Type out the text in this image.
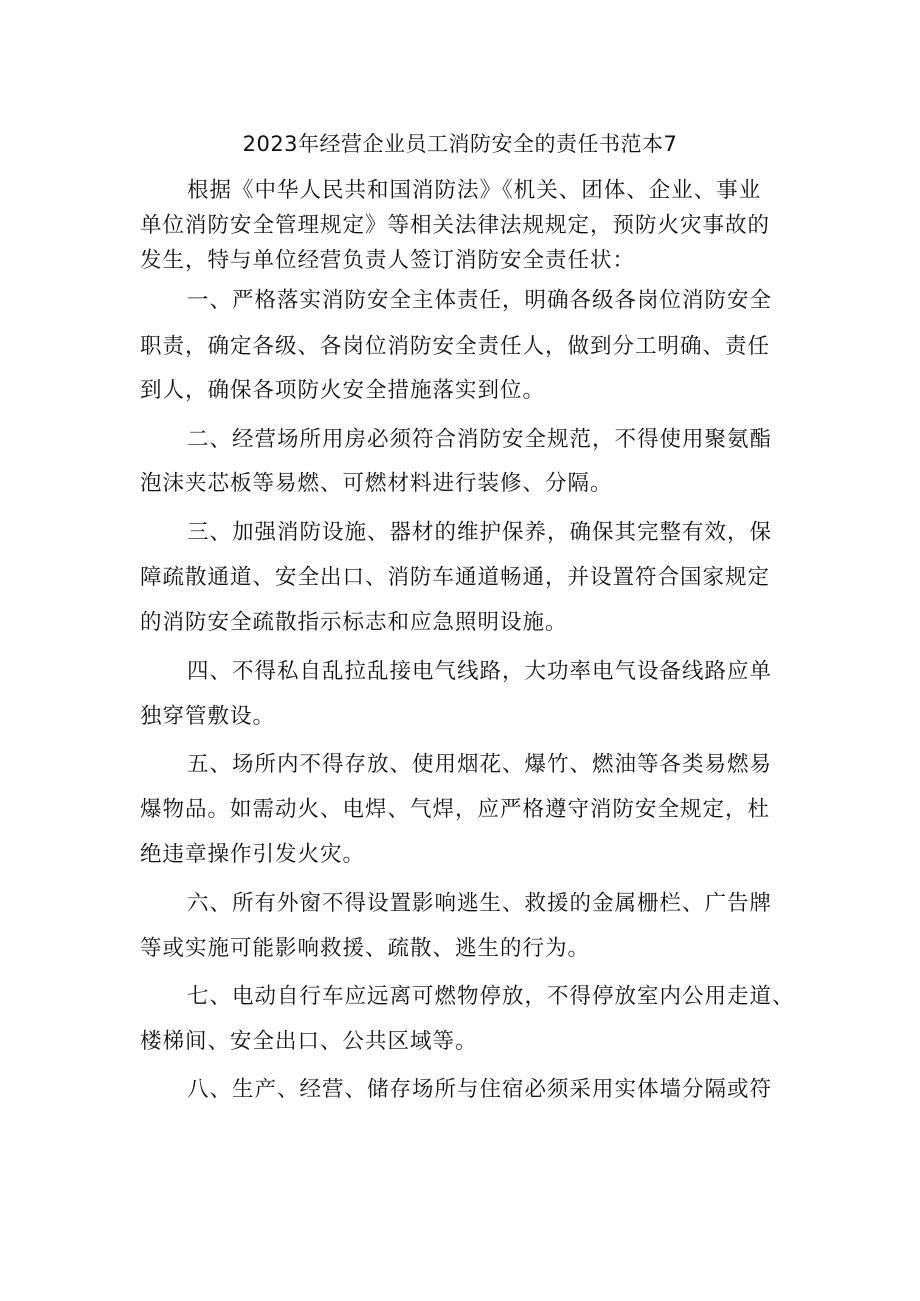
2023年经营企业员工消防安全的责任书范本7
根据《中华人民共和国消防法》《机关、团体、企业、事业
单位消防安全管理规定》等相关法律法规规定，预防火灾事故的
发生，特与单位经营负责人签订消防安全责任状：
一、严格落实消防安全主体责任，明确各级各岗位消防安全
职责，确定各级、各岗位消防安全责任人，做到分工明确、责任
到人，确保各项防火安全措施落实到位。
二、经营场所用房必须符合消防安全规范，不得使用聚氨酯
泡沫夹芯板等易燃、可燃材料进行装修、分隔。
三、加强消防设施、器材的维护保养，确保其完整有效，保
障疏散通道、安全出口、消防车通道畅通，并设置符合国家规定
的消防安全疏散指示标志和应急照明设施。
四、不得私自乱拉乱接电气线路，大功率电气设备线路应单
独穿管敷设。
五、场所内不得存放、使用烟花、爆竹、燃油等各类易燃易
爆物品。如需动火、电焊、气焊，应严格遵守消防安全规定，杜
绝违章操作引发火灾。
六、所有外窗不得设置影响逃生、救援的金属栅栏、广告牌
等或实施可能影响救援、疏散、逃生的行为。
七、电动自行车应远离可燃物停放，不得停放室内公用走道、
楼梯间、安全出口、公共区域等。
八、生产、经营、储存场所与住宿必须采用实体墙分隔或符
